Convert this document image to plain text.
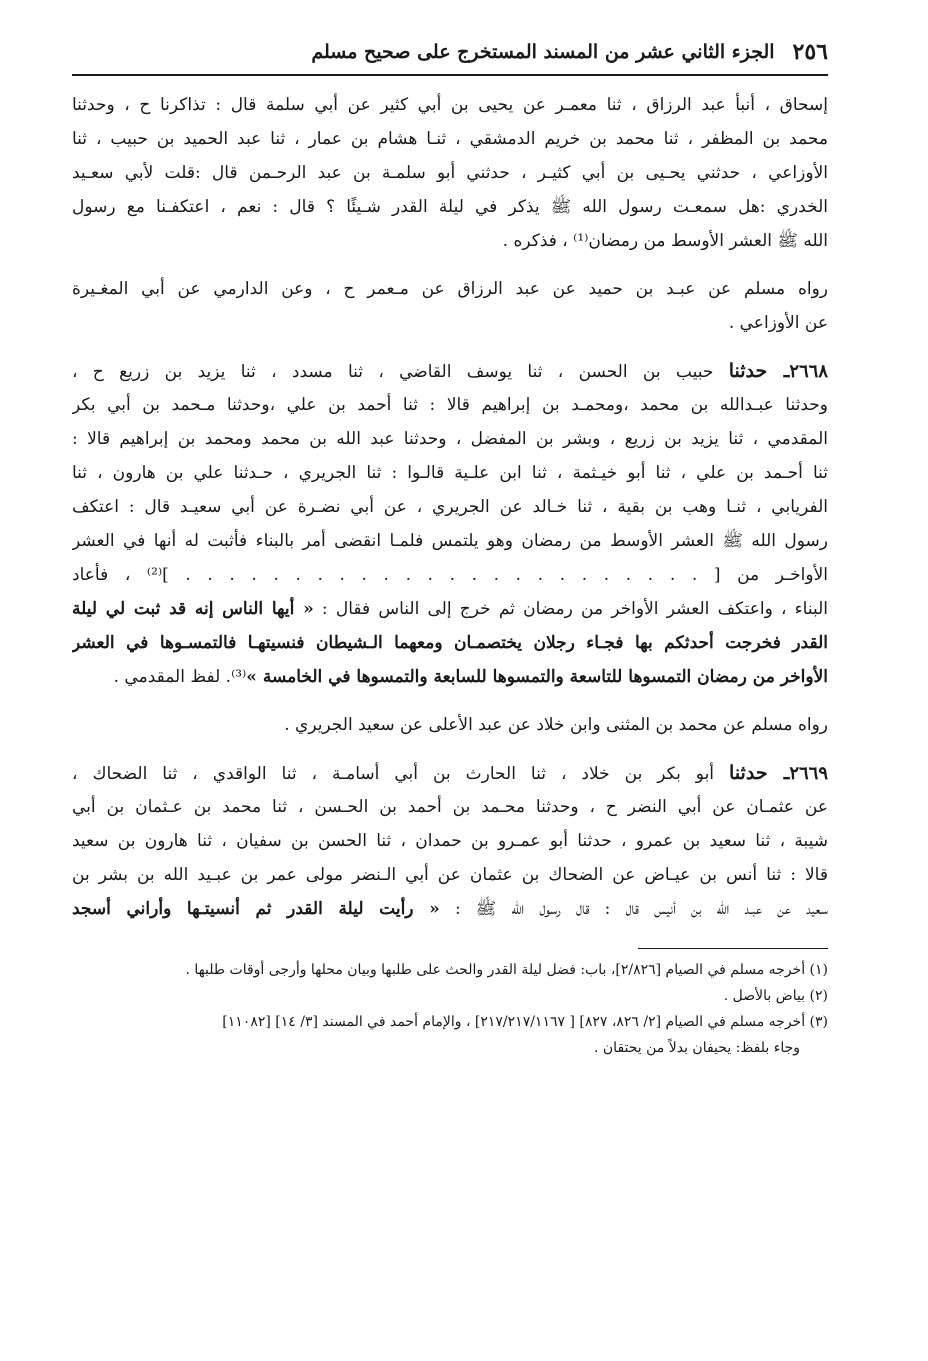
٢٥٦
الجزء الثاني عشر من المسند المستخرج على صحيح مسلم
إسحاق ، أنبأ عبد الرزاق ، ثنا معمـر عن يحيى بن أبي كثير عن أبي سلمة قال : تذاكرنا ح ، وحدثنا
محمد بن المظفر ، ثنا محمد بن خريم الدمشقي ، ثنـا هشام بن عمار ، ثنا عبد الحميد بن حبيب ، ثنا
الأوزاعي ، حدثني يحـيى بن أبي كثيـر ، حدثني أبو سلمـة بن عبد الرحـمن قال :قلت لأبي سعـيد
الخدري :هل سمعـت رسول الله ﷺ يذكر في ليلة القدر شـيئًا ؟ قال : نعم ، اعتكفـنا مع رسول
الله ﷺ العشر الأوسط من رمضان⁽¹⁾ ، فذكره .
رواه مسلم عن عبـد بن حميد عن عبد الرزاق عن مـعمر ح ، وعن الدارمي عن أبي المغـيرة
عن الأوزاعي .
٢٦٦٨ـ حدثنا حبيب بن الحسن ، ثنا يوسف القاضي ، ثنا مسدد ، ثنا يزيد بن زريع ح ،
وحدثنا عبـدالله بن محمد ،ومحمـد بن إبراهيم قالا : ثنا أحمد بن علي ،وحدثنا مـحمد بن أبي بكر
المقدمي ، ثنا يزيد بن زريع ، وبشر بن المفضل ، وحدثنا عبد الله بن محمد ومحمد بن إبراهيم قالا :
ثنا أحـمد بن علي ، ثنا أبو خيـثمة ، ثنا ابن علـية قالـوا : ثنا الجريري ، حـدثنا علي بن هارون ، ثنا
الفريابي ، ثنـا وهب بن بقية ، ثنا خـالد عن الجريري ، عن أبي نضـرة عن أبي سعيـد قال : اعتكف
رسول الله ﷺ العشر الأوسط من رمضان وهو يلتمس فلمـا انقضى أمر بالبناء فأثبت له أنها في العشر
الأواخـر من [ . . . . . . . . . . . . . . . . . . . . . . . . ]⁽²⁾ ، فأعاد
البناء ، واعتكف العشر الأواخر من رمضان ثم خرج إلى الناس فقال : « أيها الناس إنه قد ثبت لي ليلة
القدر فخرجت أحدثكم بها فجـاء رجلان يختصمـان ومعهما الـشيطان فنسيتهـا فالتمسـوها في العشر
الأواخر من رمضان التمسوها للتاسعة والتمسوها للسابعة والتمسوها في الخامسة »⁽³⁾. لفظ المقدمي .
رواه مسلم عن محمد بن المثنى وابن خلاد عن عبد الأعلى عن سعيد الجريري .
٢٦٦٩ـ حدثنا أبو بكر بن خلاد ، ثنا الحارث بن أبي أسامـة ، ثنا الواقدي ، ثنا الضحاك ،
عن عثمـان عن أبي النضر ح ، وحدثنا محـمد بن أحمد بن الحـسن ، ثنا محمد بن عـثمان بن أبي
شيبة ، ثنا سعيد بن عمرو ، حدثنا أبو عمـرو بن حمدان ، ثنا الحسن بن سفيان ، ثنا هارون بن سعيد
قالا : ثنا أنس بن عيـاض عن الضحاك بن عثمان عن أبي الـنضر مولى عمر بن عبـيد الله بن بشر بن
سعيد عن عبـد الله بن أنيس قال : قال رسول الله ﷺ : « رأيت ليلة القدر ثم أنسيتـها وأراني أسجد
(١) أخرجه مسلم في الصيام [٢/٨٢٦]، باب: فضل ليلة القدر والحث على طلبها وبيان محلها وأرجى أوقات طلبها .
(٢) بياض بالأصل .
(٣) أخرجه مسلم في الصيام [٢/ ٨٢٦، ٨٢٧] [ ٢١٧/٢١٧/١١٦٧] ، والإمام أحمد في المسند [٣/ ١٤] [١١٠٨٢]
وجاء بلفظ: يحيفان بدلاً من يحتقان .
